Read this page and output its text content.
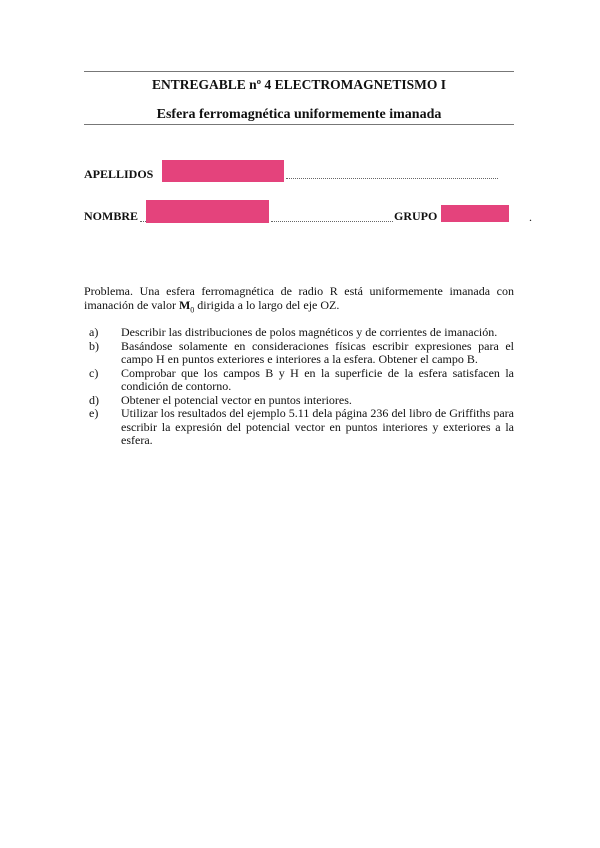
ENTREGABLE nº 4 ELECTROMAGNETISMO I
Esfera ferromagnética uniformemente imanada
APELLIDOS
NOMBRE	GRUPO	.
Problema. Una esfera ferromagnética de radio R está uniformemente imanada con imanación de valor $M_0$ dirigida a lo largo del eje OZ.
a) Describir las distribuciones de polos magnéticos y de corrientes de imanación.
b) Basándose solamente en consideraciones físicas escribir expresiones para el campo H en puntos exteriores e interiores a la esfera. Obtener el campo B.
c) Comprobar que los campos B y H en la superficie de la esfera satisfacen la condición de contorno.
d) Obtener el potencial vector en puntos interiores.
e) Utilizar los resultados del ejemplo 5.11 dela página 236 del libro de Griffiths para escribir la expresión del potencial vector en puntos interiores y exteriores a la esfera.
